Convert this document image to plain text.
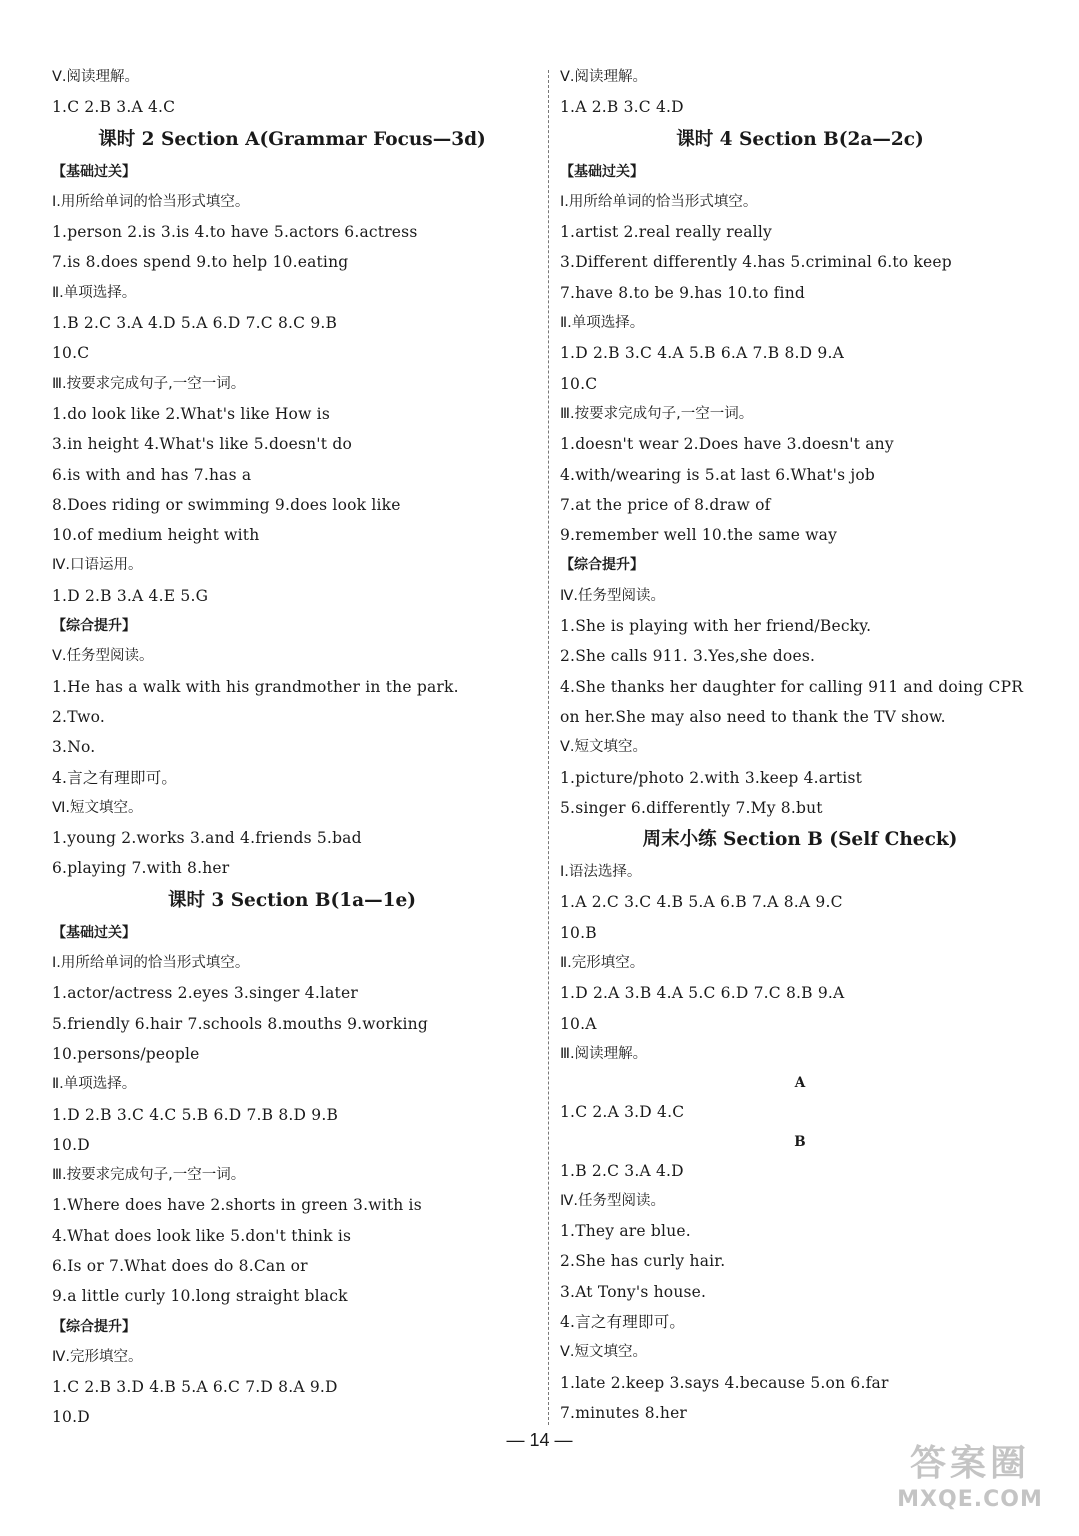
Ⅴ.阅读理解。
1.C 2.B 3.A 4.C
课时 2 Section A(Grammar Focus—3d)
【基础过关】
Ⅰ.用所给单词的恰当形式填空。
1.person 2.is 3.is 4.to have 5.actors 6.actress
7.is 8.does spend 9.to help 10.eating
Ⅱ.单项选择。
1.B 2.C 3.A 4.D 5.A 6.D 7.C 8.C 9.B
10.C
Ⅲ.按要求完成句子,一空一词。
1.do look like 2.What's like How is
3.in height 4.What's like 5.doesn't do
6.is with and has 7.has a
8.Does riding or swimming 9.does look like
10.of medium height with
Ⅳ.口语运用。
1.D 2.B 3.A 4.E 5.G
【综合提升】
Ⅴ.任务型阅读。
1.He has a walk with his grandmother in the park.
2.Two.
3.No.
4.言之有理即可。
Ⅵ.短文填空。
1.young 2.works 3.and 4.friends 5.bad
6.playing 7.with 8.her
课时 3 Section B(1a—1e)
【基础过关】
Ⅰ.用所给单词的恰当形式填空。
1.actor/actress 2.eyes 3.singer 4.later
5.friendly 6.hair 7.schools 8.mouths 9.working
10.persons/people
Ⅱ.单项选择。
1.D 2.B 3.C 4.C 5.B 6.D 7.B 8.D 9.B
10.D
Ⅲ.按要求完成句子,一空一词。
1.Where does have 2.shorts in green 3.with is
4.What does look like 5.don't think is
6.Is or 7.What does do 8.Can or
9.a little curly 10.long straight black
【综合提升】
Ⅳ.完形填空。
1.C 2.B 3.D 4.B 5.A 6.C 7.D 8.A 9.D
10.D
Ⅴ.阅读理解。
1.A 2.B 3.C 4.D
课时 4 Section B(2a—2c)
【基础过关】
Ⅰ.用所给单词的恰当形式填空。
1.artist 2.real really really
3.Different differently 4.has 5.criminal 6.to keep
7.have 8.to be 9.has 10.to find
Ⅱ.单项选择。
1.D 2.B 3.C 4.A 5.B 6.A 7.B 8.D 9.A
10.C
Ⅲ.按要求完成句子,一空一词。
1.doesn't wear 2.Does have 3.doesn't any
4.with/wearing is 5.at last 6.What's job
7.at the price of 8.draw of
9.remember well 10.the same way
【综合提升】
Ⅳ.任务型阅读。
1.She is playing with her friend/Becky.
2.She calls 911. 3.Yes,she does.
4.She thanks her daughter for calling 911 and doing CPR
on her.She may also need to thank the TV show.
Ⅴ.短文填空。
1.picture/photo 2.with 3.keep 4.artist
5.singer 6.differently 7.My 8.but
周末小练 Section B (Self Check)
Ⅰ.语法选择。
1.A 2.C 3.C 4.B 5.A 6.B 7.A 8.A 9.C
10.B
Ⅱ.完形填空。
1.D 2.A 3.B 4.A 5.C 6.D 7.C 8.B 9.A
10.A
Ⅲ.阅读理解。
A
1.C 2.A 3.D 4.C
B
1.B 2.C 3.A 4.D
Ⅳ.任务型阅读。
1.They are blue.
2.She has curly hair.
3.At Tony's house.
4.言之有理即可。
Ⅴ.短文填空。
1.late 2.keep 3.says 4.because 5.on 6.far
7.minutes 8.her
— 14 —
答案圈
MXQE.COM
